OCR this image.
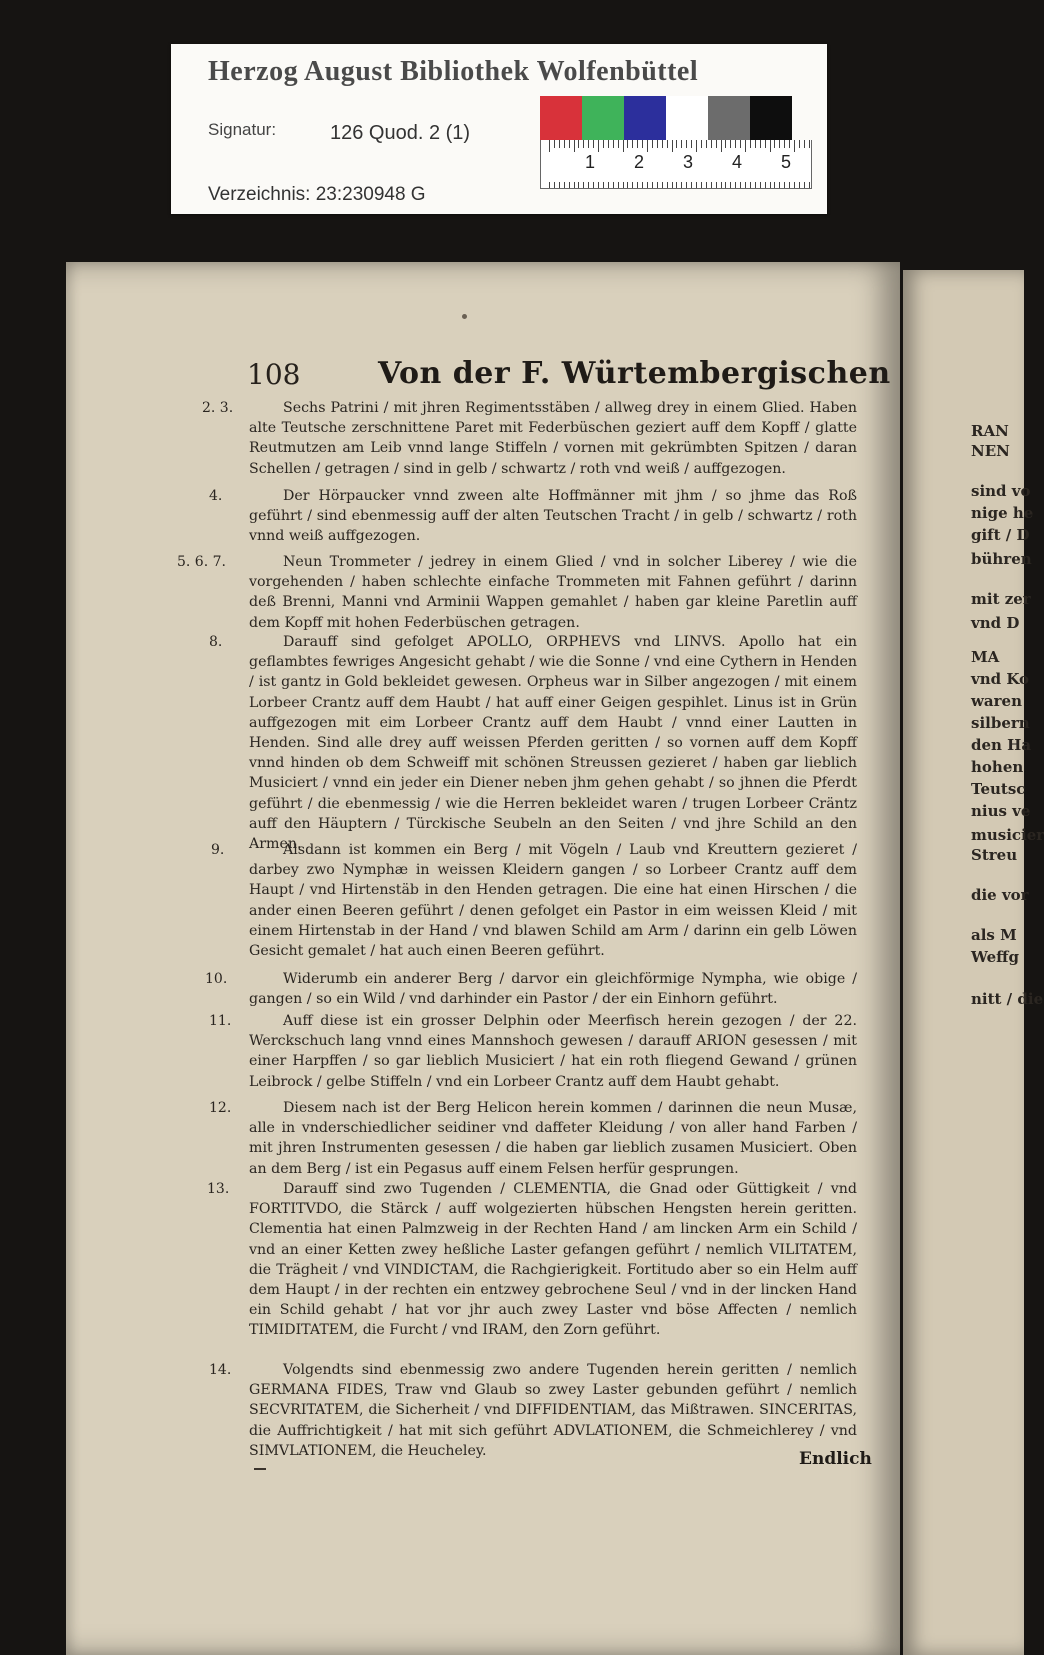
Herzog August Bibliothek Wolfenbüttel
Signatur:	126 Quod. 2 (1)
Verzeichnis: 23:230948 G
1 2 3 4 5
108	Von der F. Würtembergischen
2. 3.	Sechs Patrini / mit jhren Regimentsstäben / allweg drey in einem Glied. Haben alte Teutsche zerschnittene Paret mit Federbüschen geziert auff dem Kopff / glatte Reutmutzen am Leib vnnd lange Stiffeln / vornen mit gekrümbten Spitzen / daran Schellen / getragen / sind in gelb / schwartz / roth vnd weiß / auffgezogen.

4.	Der Hörpaucker vnnd zween alte Hoffmänner mit jhm / so jhme das Roß geführt / sind ebenmessig auff der alten Teutschen Tracht / in gelb / schwartz / roth vnnd weiß auffgezogen.

5. 6. 7.	Neun Trommeter / jedrey in einem Glied / vnd in solcher Liberey / wie die vorgehenden / haben schlechte einfache Trommeten mit Fahnen geführt / darinn deß Brenni, Manni vnd Arminii Wappen gemahlet / haben gar kleine Paretlin auff dem Kopff mit hohen Federbüschen getragen.

8.	Darauff sind gefolget APOLLO, ORPHEVS vnd LINVS. Apollo hat ein geflambtes fewriges Angesicht gehabt / wie die Sonne / vnd eine Cythern in Henden / ist gantz in Gold bekleidet gewesen. Orpheus war in Silber angezogen / mit einem Lorbeer Crantz auff dem Haubt / hat auff einer Geigen gespihlet. Linus ist in Grün auffgezogen mit eim Lorbeer Crantz auff dem Haubt / vnnd einer Lautten in Henden. Sind alle drey auff weissen Pferden geritten / so vornen auff dem Kopff vnnd hinden ob dem Schweiff mit schönen Streussen gezieret / haben gar lieblich Musiciert / vnnd ein jeder ein Diener neben jhm gehen gehabt / so jhnen die Pferdt geführt / die ebenmessig / wie die Herren bekleidet waren / trugen Lorbeer Cräntz auff den Häuptern / Türckische Seubeln an den Seiten / vnd jhre Schild an den Armen.

9.	Alsdann ist kommen ein Berg / mit Vögeln / Laub vnd Kreuttern gezieret / darbey zwo Nymphæ in weissen Kleidern gangen / so Lorbeer Crantz auff dem Haupt / vnd Hirtenstäb in den Henden getragen. Die eine hat einen Hirschen / die ander einen Beeren geführt / denen gefolget ein Pastor in eim weissen Kleid / mit einem Hirtenstab in der Hand / vnd blawen Schild am Arm / darinn ein gelb Löwen Gesicht gemalet / hat auch einen Beeren geführt.

10.	Widerumb ein anderer Berg / darvor ein gleichförmige Nympha, wie obige / gangen / so ein Wild / vnd darhinder ein Pastor / der ein Einhorn geführt.

11.	Auff diese ist ein grosser Delphin oder Meerfisch herein gezogen / der 22. Werckschuch lang vnnd eines Mannshoch gewesen / darauff ARION gesessen / mit einer Harpffen / so gar lieblich Musiciert / hat ein roth fliegend Gewand / grünen Leibrock / gelbe Stiffeln / vnd ein Lorbeer Crantz auff dem Haubt gehabt.

12.	Diesem nach ist der Berg Helicon herein kommen / darinnen die neun Musæ, alle in vnderschiedlicher seidiner vnd daffeter Kleidung / von aller hand Farben / mit jhren Instrumenten gesessen / die haben gar lieblich zusamen Musiciert. Oben an dem Berg / ist ein Pegasus auff einem Felsen herfür gesprungen.

13.	Darauff sind zwo Tugenden / CLEMENTIA, die Gnad oder Güttigkeit / vnd FORTITVDO, die Stärck / auff wolgezierten hübschen Hengsten herein geritten. Clementia hat einen Palmzweig in der Rechten Hand / am lincken Arm ein Schild / vnd an einer Ketten zwey heßliche Laster gefangen geführt / nemlich VILITATEM, die Trägheit / vnd VINDICTAM, die Rachgierigkeit. Fortitudo aber so ein Helm auff dem Haupt / in der rechten ein entzwey gebrochene Seul / vnd in der lincken Hand ein Schild gehabt / hat vor jhr auch zwey Laster vnd böse Affecten / nemlich TIMIDITATEM, die Furcht / vnd IRAM, den Zorn geführt.

14.	Volgendts sind ebenmessig zwo andere Tugenden herein geritten / nemlich GERMANA FIDES, Traw vnd Glaub so zwey Laster gebunden geführt / nemlich SECVRITATEM, die Sicherheit / vnd DIFFIDENTIAM, das Mißtrawen. SINCERITAS, die Auffrichtigkeit / hat mit sich geführt ADVLATIONEM, die Schmeichlerey / vnd SIMVLATIONEM, die Heucheley.	Endlich
RAN
NEN
sind vo
nige he
gift / D
bühren
mit zer
vnd D
MA
vnd Ko
waren
silbern
den Ha
hohen
Teutsc
nius ve
musicier
Streu
die vor
als M
Weffg
nitt / die
